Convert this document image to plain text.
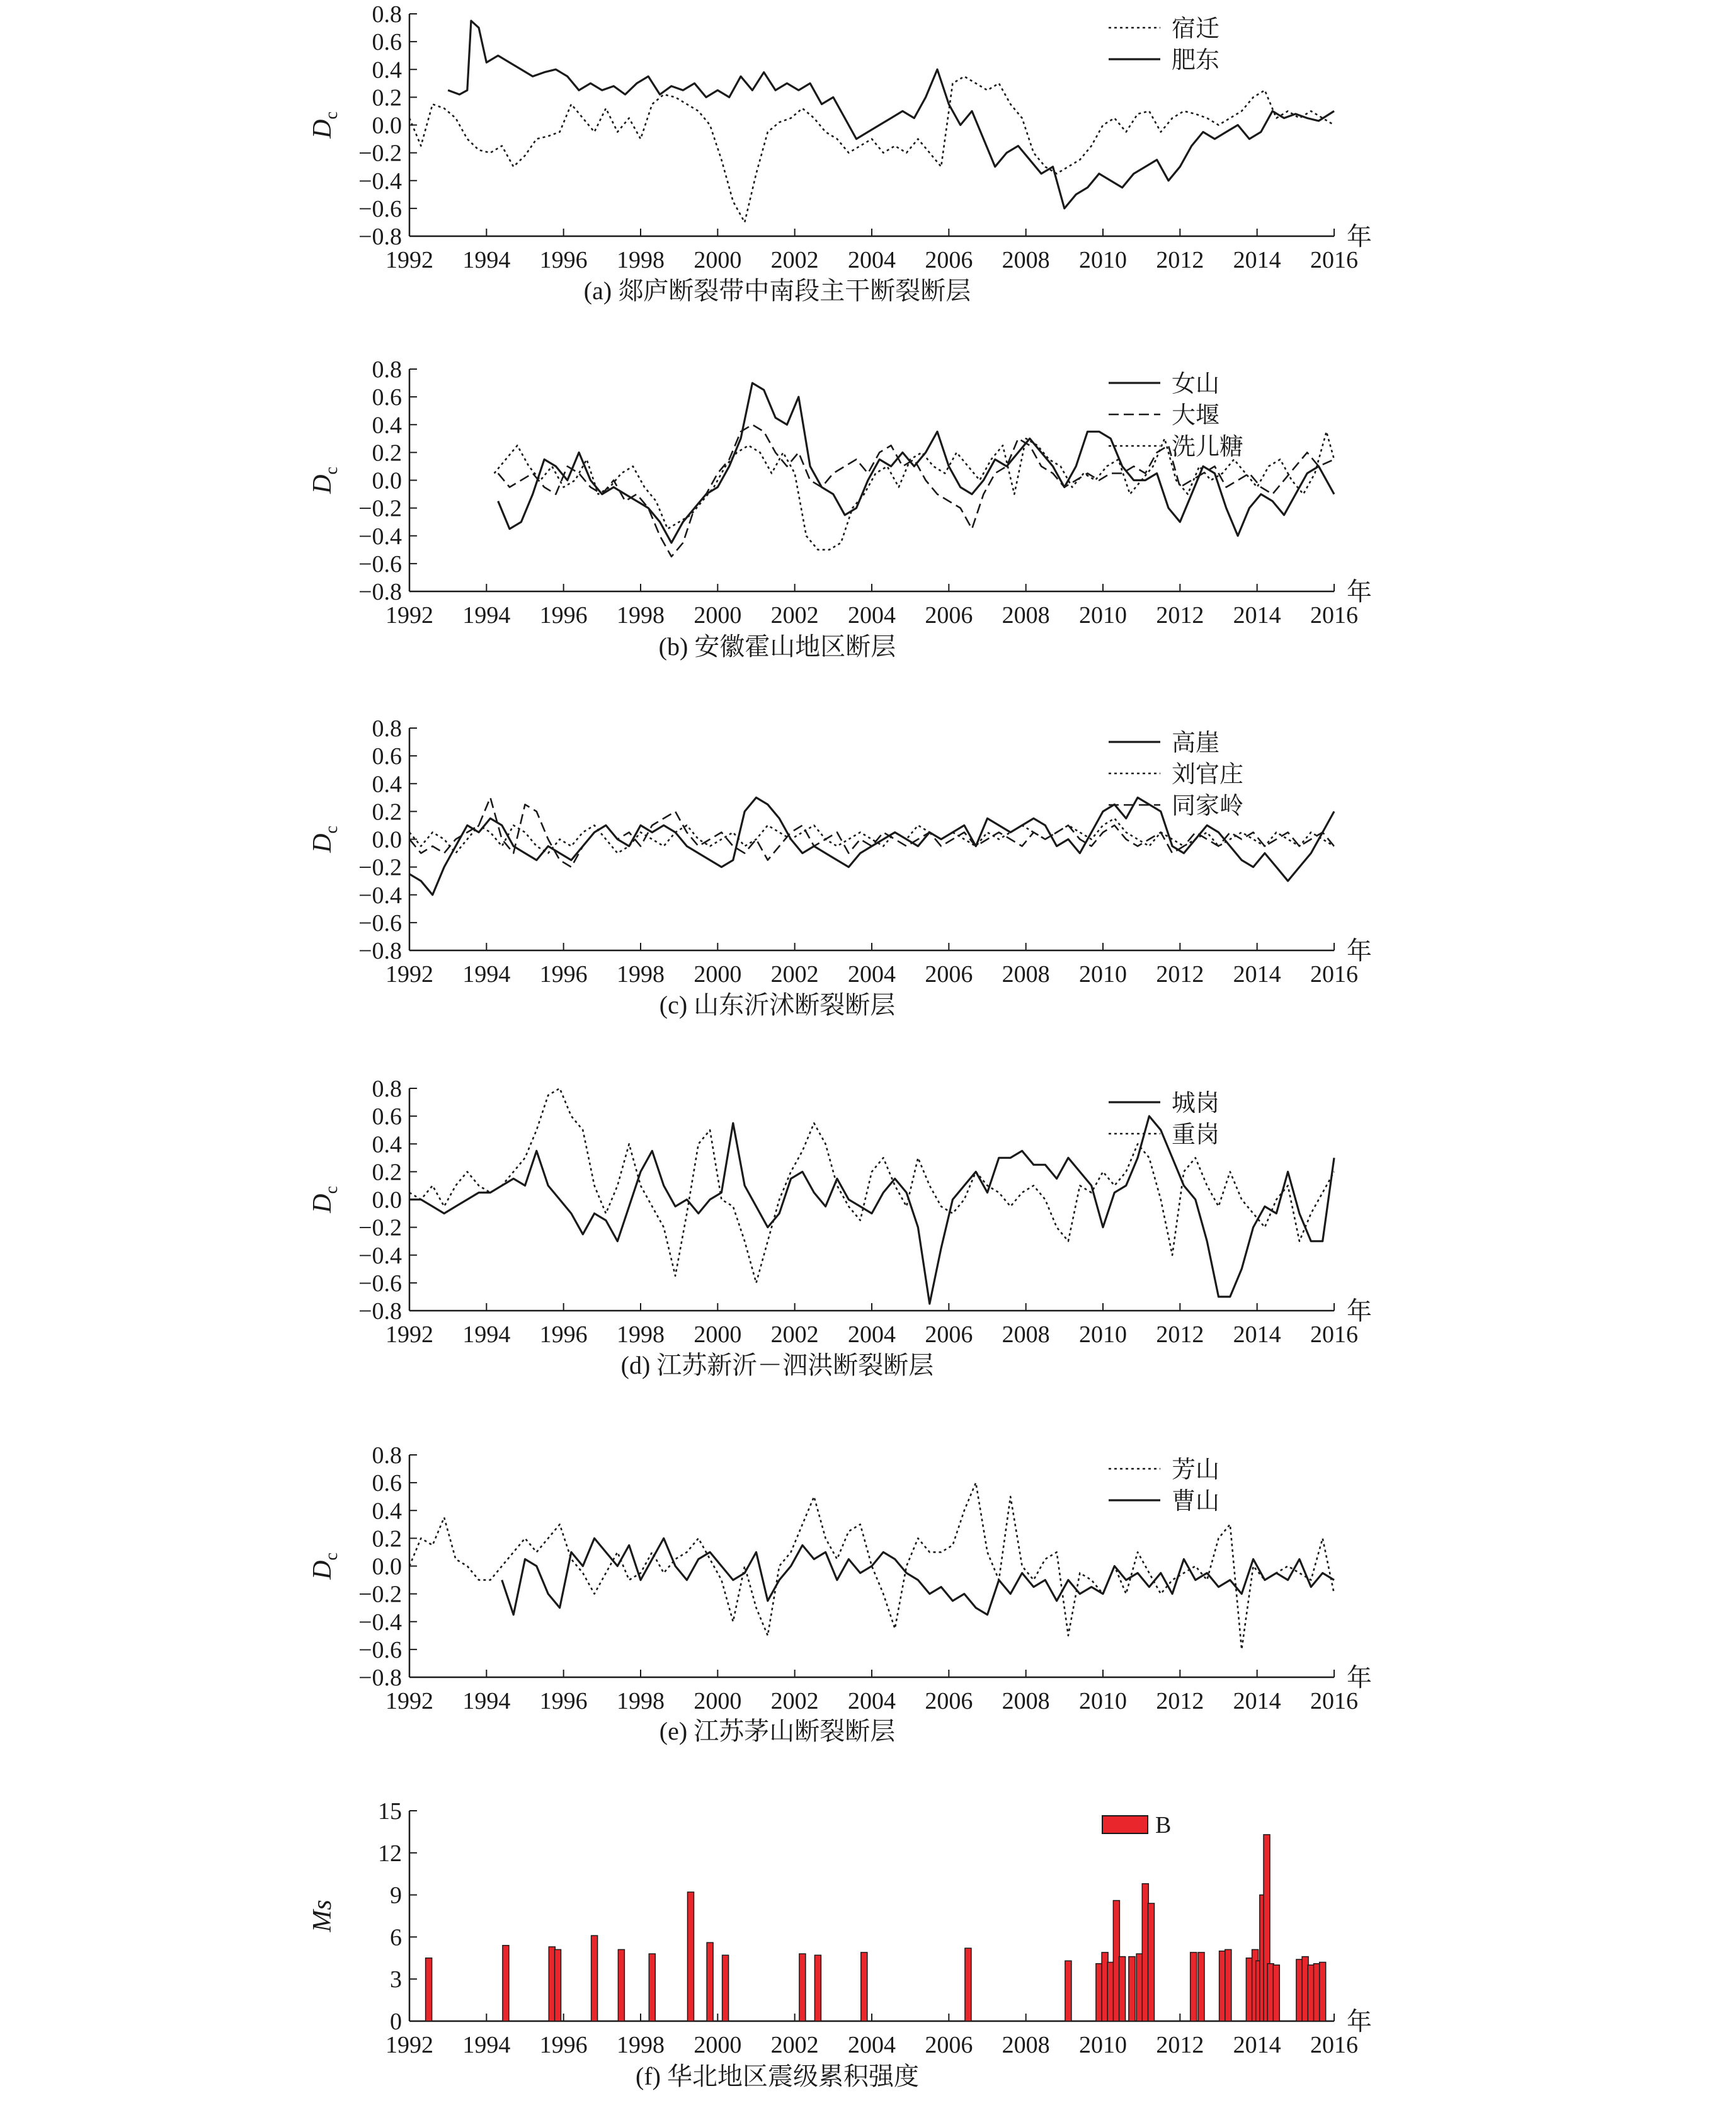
0.8
0.6
0.4
0.2
0.0
−0.2
−0.4
−0.6
−0.8
1992 1994 1996 1998 2000 2002 2004 2006 2008 2010 2012 2014 2016
年
$D_c$
(a) 郯庐断裂带中南段主干断裂断层
宿迁
肥东
0.8
0.6
0.4
0.2
0.0
−0.2
−0.4
−0.6
−0.8
1992 1994 1996 1998 2000 2002 2004 2006 2008 2010 2012 2014 2016
年
$D_c$
(b) 安徽霍山地区断层
女山
大堰
洗儿糖
0.8
0.6
0.4
0.2
0.0
−0.2
−0.4
−0.6
−0.8
1992 1994 1996 1998 2000 2002 2004 2006 2008 2010 2012 2014 2016
年
$D_c$
(c) 山东沂沭断裂断层
高崖
刘官庄
同家岭
0.8
0.6
0.4
0.2
0.0
−0.2
−0.4
−0.6
−0.8
1992 1994 1996 1998 2000 2002 2004 2006 2008 2010 2012 2014 2016
年
$D_c$
(d) 江苏新沂－泗洪断裂断层
城岗
重岗
0.8
0.6
0.4
0.2
0.0
−0.2
−0.4
−0.6
−0.8
1992 1994 1996 1998 2000 2002 2004 2006 2008 2010 2012 2014 2016
年
$D_c$
(e) 江苏茅山断裂断层
芳山
曹山
15
12
9
6
3
0
1992 1994 1996 1998 2000 2002 2004 2006 2008 2010 2012 2014 2016
年
Ms
(f) 华北地区震级累积强度
B
